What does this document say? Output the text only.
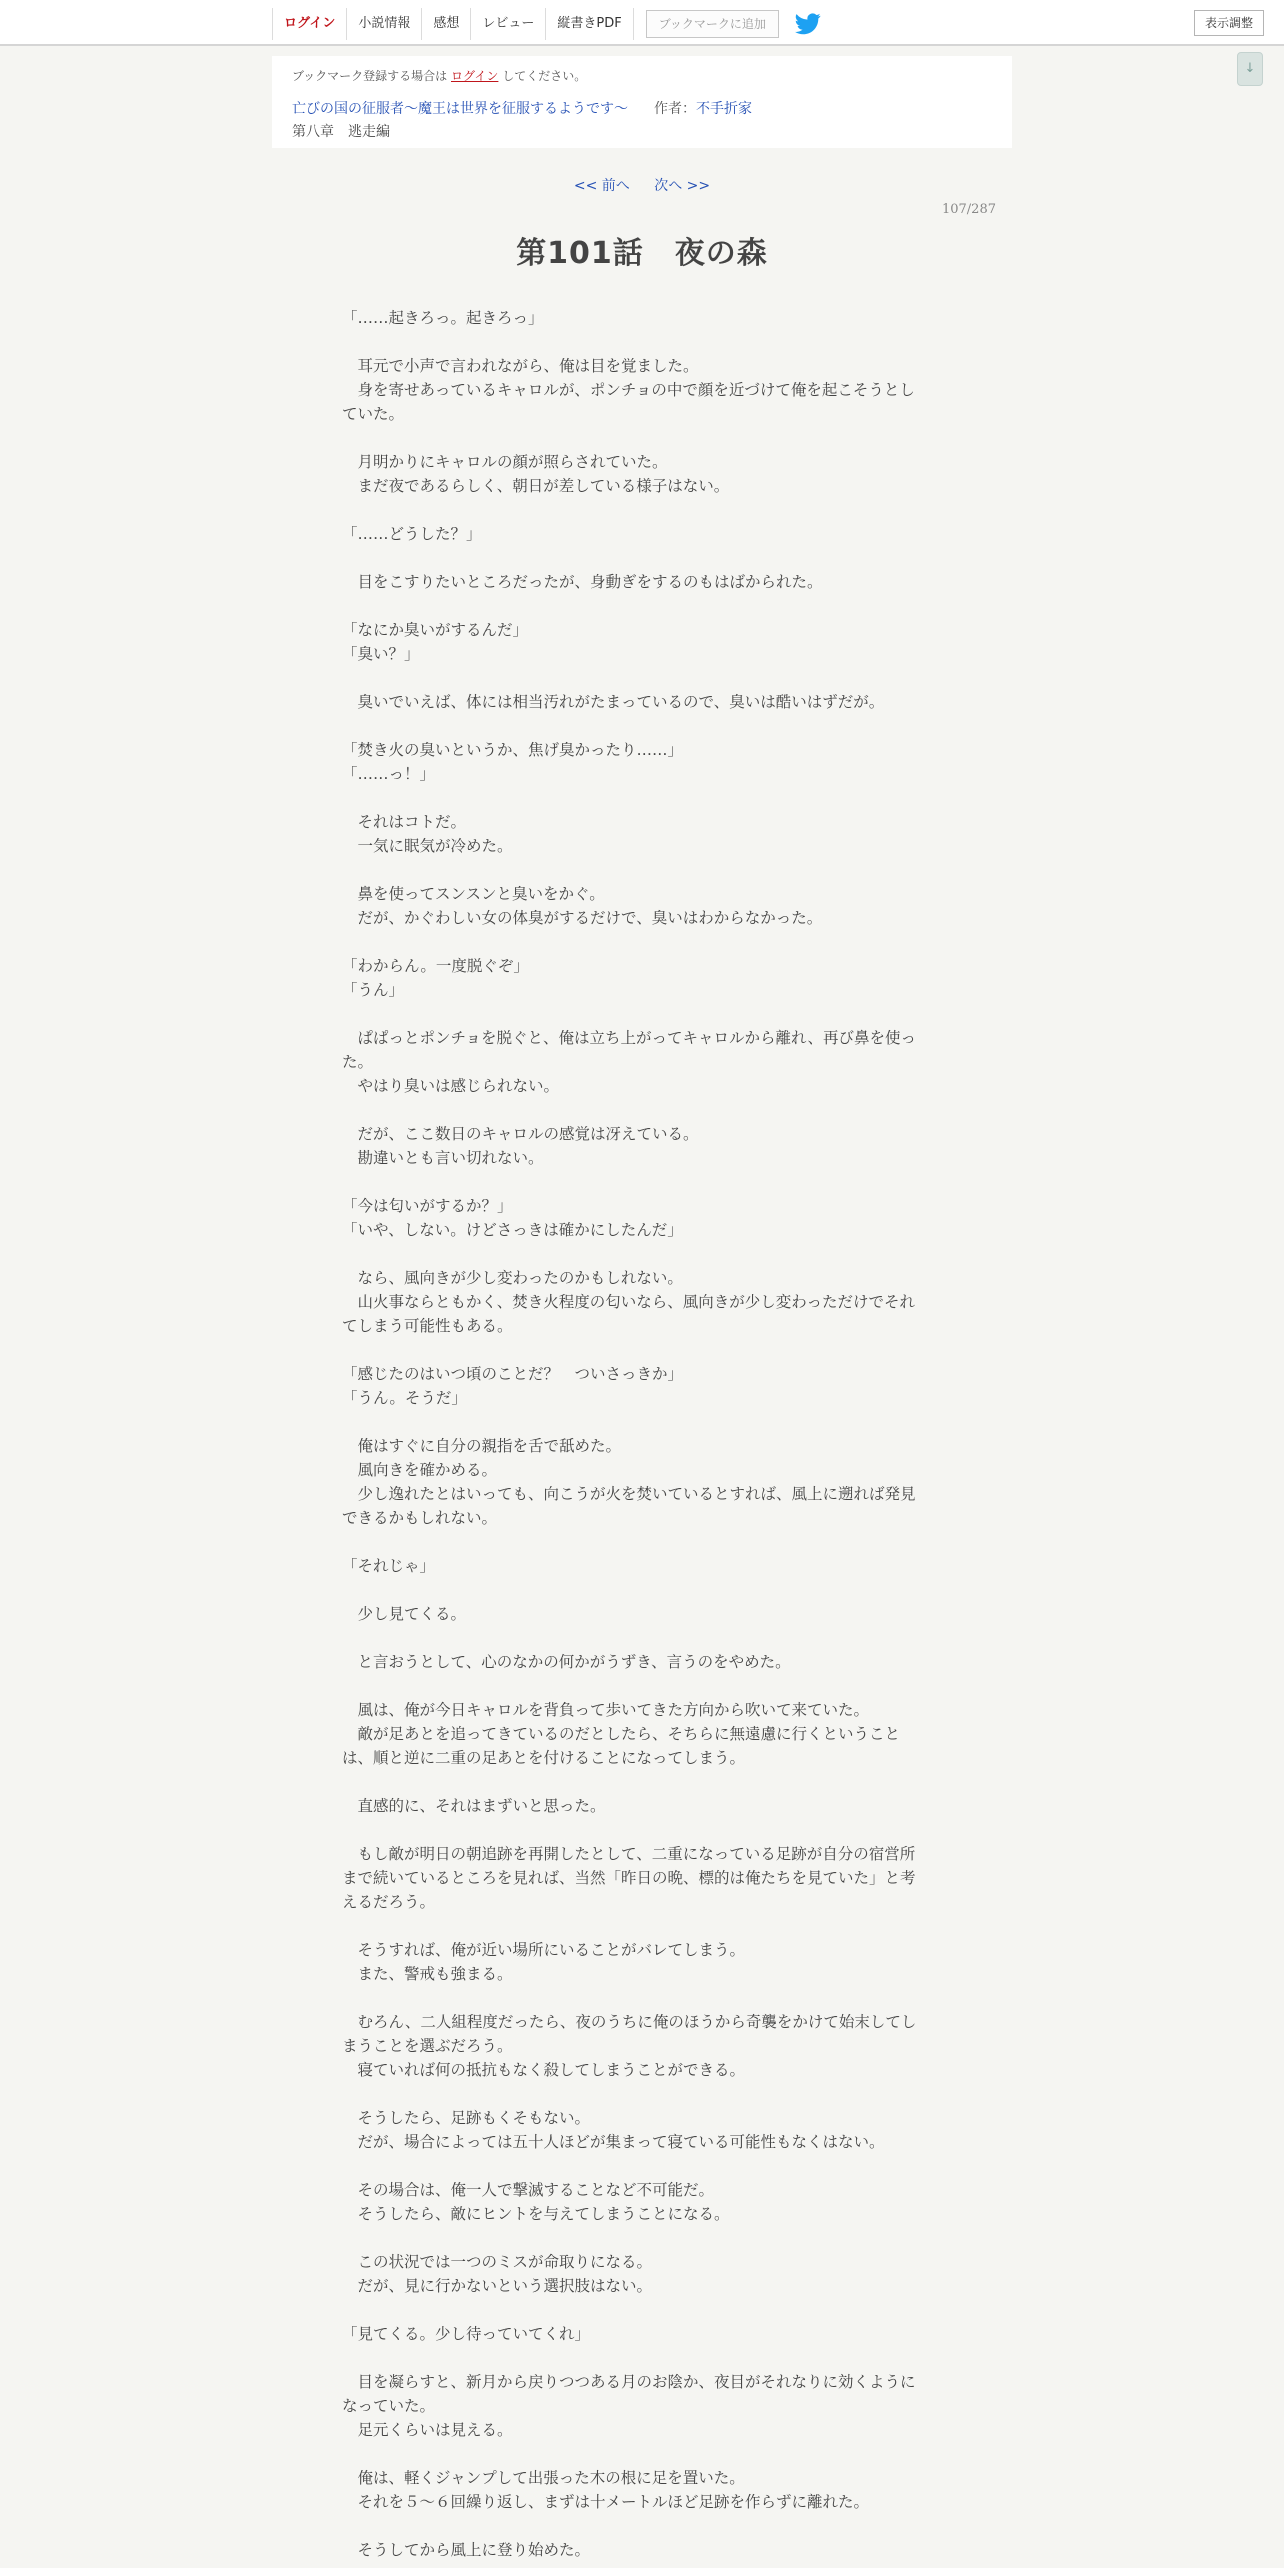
ログイン	小説情報	感想	レビュー	縦書きPDF	ブックマークに追加	表示調整
↓
ブックマーク登録する場合は ログイン してください。
亡びの国の征服者～魔王は世界を征服するようです～ 作者：不手折家
第八章　逃走編
<< 前へ 次へ >>
107/287
第101話　夜の森

「……起きろっ。起きろっ」

　耳元で小声で言われながら、俺は目を覚ました。

　身を寄せあっているキャロルが、ポンチョの中で顔を近づけて俺を起こそうとし

ていた。

　月明かりにキャロルの顔が照らされていた。

　まだ夜であるらしく、朝日が差している様子はない。

「……どうした？」

　目をこすりたいところだったが、身動ぎをするのもはばかられた。

「なにか臭いがするんだ」

「臭い？」

　臭いでいえば、体には相当汚れがたまっているので、臭いは酷いはずだが。

「焚き火の臭いというか、焦げ臭かったり……」

「……っ！」

　それはコトだ。

　一気に眠気が冷めた。

　鼻を使ってスンスンと臭いをかぐ。

　だが、かぐわしい女の体臭がするだけで、臭いはわからなかった。

「わからん。一度脱ぐぞ」

「うん」

　ぱぱっとポンチョを脱ぐと、俺は立ち上がってキャロルから離れ、再び鼻を使っ

た。

　やはり臭いは感じられない。

　だが、ここ数日のキャロルの感覚は冴えている。

　勘違いとも言い切れない。

「今は匂いがするか？」

「いや、しない。けどさっきは確かにしたんだ」

　なら、風向きが少し変わったのかもしれない。

　山火事ならともかく、焚き火程度の匂いなら、風向きが少し変わっただけでそれ

てしまう可能性もある。

「感じたのはいつ頃のことだ？　ついさっきか」

「うん。そうだ」

　俺はすぐに自分の親指を舌で舐めた。

　風向きを確かめる。

　少し逸れたとはいっても、向こうが火を焚いているとすれば、風上に遡れば発見

できるかもしれない。

「それじゃ」

　少し見てくる。

　と言おうとして、心のなかの何かがうずき、言うのをやめた。

　風は、俺が今日キャロルを背負って歩いてきた方向から吹いて来ていた。

　敵が足あとを追ってきているのだとしたら、そちらに無遠慮に行くということ

は、順と逆に二重の足あとを付けることになってしまう。

　直感的に、それはまずいと思った。

　もし敵が明日の朝追跡を再開したとして、二重になっている足跡が自分の宿営所

まで続いているところを見れば、当然「昨日の晩、標的は俺たちを見ていた」と考

えるだろう。

　そうすれば、俺が近い場所にいることがバレてしまう。

　また、警戒も強まる。

　むろん、二人組程度だったら、夜のうちに俺のほうから奇襲をかけて始末してし

まうことを選ぶだろう。

　寝ていれば何の抵抗もなく殺してしまうことができる。

　そうしたら、足跡もくそもない。

　だが、場合によっては五十人ほどが集まって寝ている可能性もなくはない。

　その場合は、俺一人で撃滅することなど不可能だ。

　そうしたら、敵にヒントを与えてしまうことになる。

　この状況では一つのミスが命取りになる。

　だが、見に行かないという選択肢はない。

「見てくる。少し待っていてくれ」

　目を凝らすと、新月から戻りつつある月のお陰か、夜目がそれなりに効くように

なっていた。

　足元くらいは見える。

　俺は、軽くジャンプして出張った木の根に足を置いた。

　それを５～６回繰り返し、まずは十メートルほど足跡を作らずに離れた。

　そうしてから風上に登り始めた。
